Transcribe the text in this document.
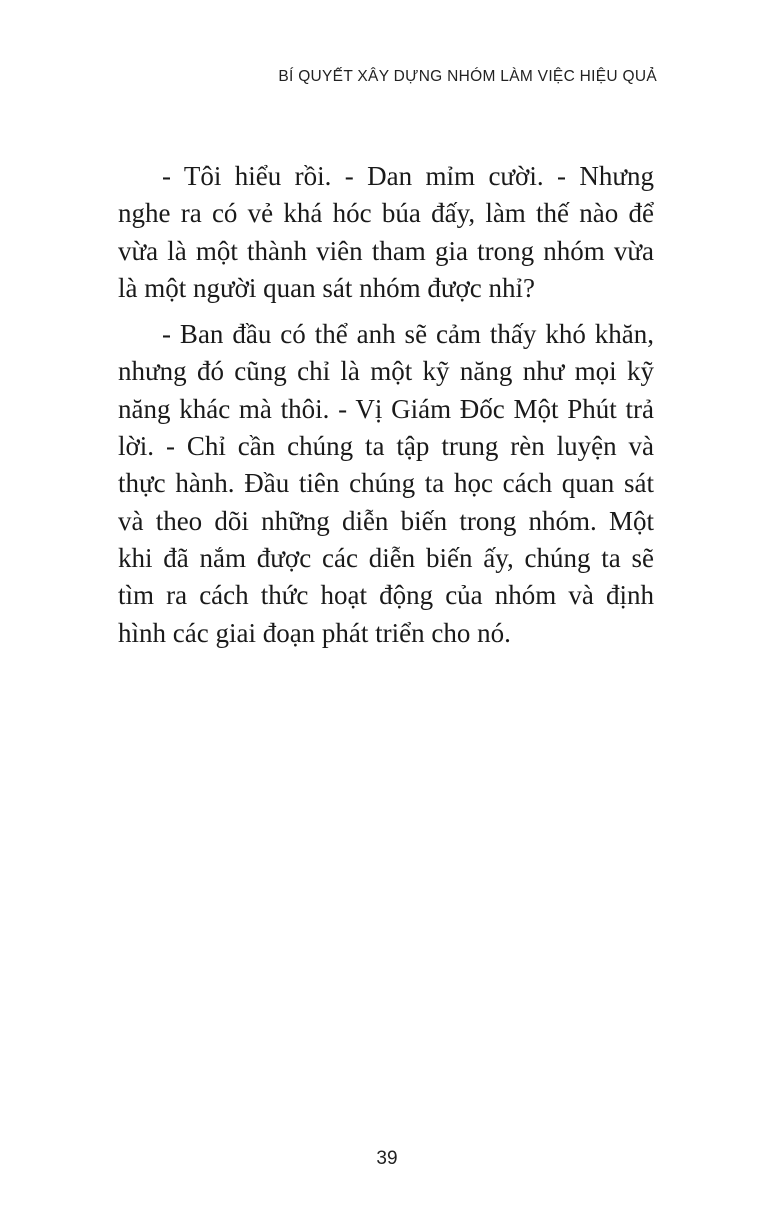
BÍ QUYẾT XÂY DỰNG NHÓM LÀM VIỆC HIỆU QUẢ

- Tôi hiểu rồi. - Dan mỉm cười. - Nhưng
nghe ra có vẻ khá hóc búa đấy, làm thế nào để
vừa là một thành viên tham gia trong nhóm vừa
là một người quan sát nhóm được nhỉ?

- Ban đầu có thể anh sẽ cảm thấy khó khăn,
nhưng đó cũng chỉ là một kỹ năng như mọi kỹ
năng khác mà thôi. - Vị Giám Đốc Một Phút trả
lời. - Chỉ cần chúng ta tập trung rèn luyện và
thực hành. Đầu tiên chúng ta học cách quan sát
và theo dõi những diễn biến trong nhóm. Một
khi đã nắm được các diễn biến ấy, chúng ta sẽ
tìm ra cách thức hoạt động của nhóm và định
hình các giai đoạn phát triển cho nó.

39
